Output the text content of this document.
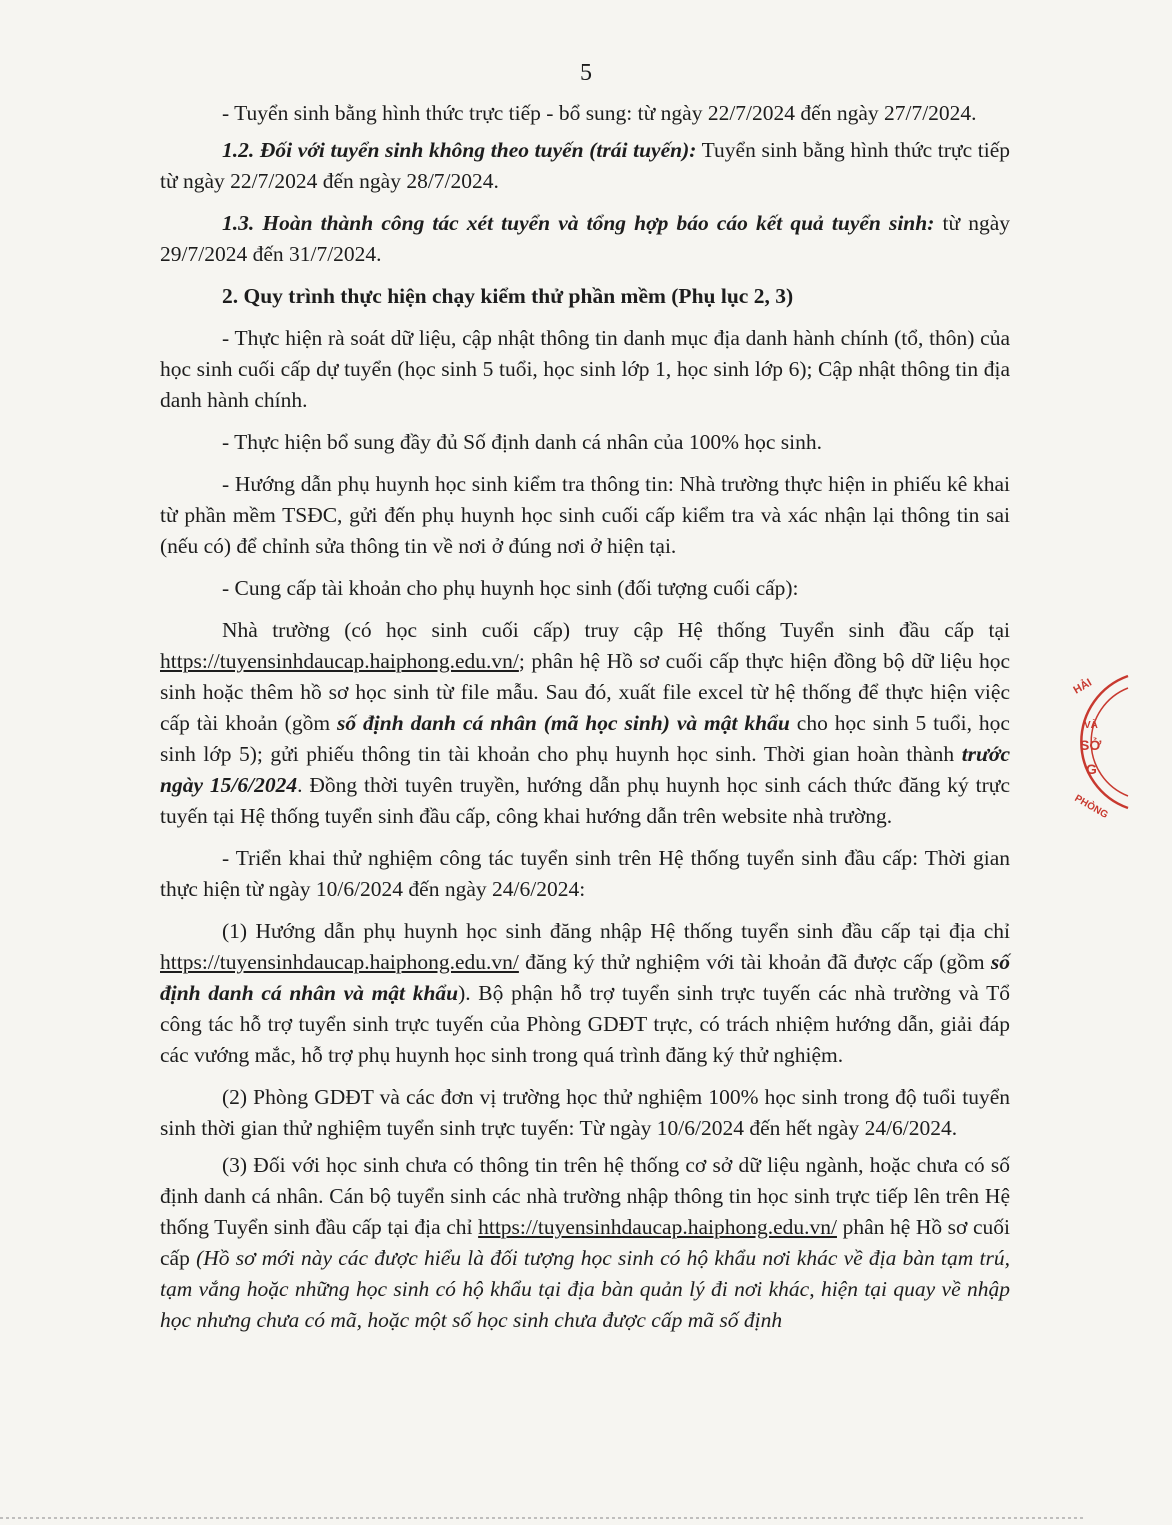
5

- Tuyển sinh bằng hình thức trực tiếp - bổ sung: từ ngày 22/7/2024 đến ngày 27/7/2024.

1.2. Đối với tuyển sinh không theo tuyến (trái tuyến): Tuyển sinh bằng hình thức trực tiếp từ ngày 22/7/2024 đến ngày 28/7/2024.

1.3. Hoàn thành công tác xét tuyển và tổng hợp báo cáo kết quả tuyển sinh: từ ngày 29/7/2024 đến 31/7/2024.

2. Quy trình thực hiện chạy kiểm thử phần mềm (Phụ lục 2, 3)

- Thực hiện rà soát dữ liệu, cập nhật thông tin danh mục địa danh hành chính (tổ, thôn) của học sinh cuối cấp dự tuyển (học sinh 5 tuổi, học sinh lớp 1, học sinh lớp 6); Cập nhật thông tin địa danh hành chính.

- Thực hiện bổ sung đầy đủ Số định danh cá nhân của 100% học sinh.

- Hướng dẫn phụ huynh học sinh kiểm tra thông tin: Nhà trường thực hiện in phiếu kê khai từ phần mềm TSĐC, gửi đến phụ huynh học sinh cuối cấp kiểm tra và xác nhận lại thông tin sai (nếu có) để chỉnh sửa thông tin về nơi ở đúng nơi ở hiện tại.

- Cung cấp tài khoản cho phụ huynh học sinh (đối tượng cuối cấp):

Nhà trường (có học sinh cuối cấp) truy cập Hệ thống Tuyển sinh đầu cấp tại https://tuyensinhdaucap.haiphong.edu.vn/; phân hệ Hồ sơ cuối cấp thực hiện đồng bộ dữ liệu học sinh hoặc thêm hồ sơ học sinh từ file mẫu. Sau đó, xuất file excel từ hệ thống để thực hiện việc cấp tài khoản (gồm số định danh cá nhân (mã học sinh) và mật khẩu cho học sinh 5 tuổi, học sinh lớp 5); gửi phiếu thông tin tài khoản cho phụ huynh học sinh. Thời gian hoàn thành trước ngày 15/6/2024. Đồng thời tuyên truyền, hướng dẫn phụ huynh học sinh cách thức đăng ký trực tuyến tại Hệ thống tuyển sinh đầu cấp, công khai hướng dẫn trên website nhà trường.

- Triển khai thử nghiệm công tác tuyển sinh trên Hệ thống tuyển sinh đầu cấp: Thời gian thực hiện từ ngày 10/6/2024 đến ngày 24/6/2024:

(1) Hướng dẫn phụ huynh học sinh đăng nhập Hệ thống tuyển sinh đầu cấp tại địa chỉ https://tuyensinhdaucap.haiphong.edu.vn/ đăng ký thử nghiệm với tài khoản đã được cấp (gồm số định danh cá nhân và mật khẩu). Bộ phận hỗ trợ tuyển sinh trực tuyến các nhà trường và Tổ công tác hỗ trợ tuyển sinh trực tuyến của Phòng GDĐT trực, có trách nhiệm hướng dẫn, giải đáp các vướng mắc, hỗ trợ phụ huynh học sinh trong quá trình đăng ký thử nghiệm.

(2) Phòng GDĐT và các đơn vị trường học thử nghiệm 100% học sinh trong độ tuổi tuyển sinh thời gian thử nghiệm tuyển sinh trực tuyến: Từ ngày 10/6/2024 đến hết ngày 24/6/2024.

(3) Đối với học sinh chưa có thông tin trên hệ thống cơ sở dữ liệu ngành, hoặc chưa có số định danh cá nhân. Cán bộ tuyển sinh các nhà trường nhập thông tin học sinh trực tiếp lên trên Hệ thống Tuyển sinh đầu cấp tại địa chỉ https://tuyensinhdaucap.haiphong.edu.vn/ phân hệ Hồ sơ cuối cấp (Hồ sơ mới này các được hiểu là đối tượng học sinh có hộ khẩu nơi khác về địa bàn tạm trú, tạm vắng hoặc những học sinh có hộ khẩu tại địa bàn quản lý đi nơi khác, hiện tại quay về nhập học nhưng chưa có mã, hoặc một số học sinh chưa được cấp mã số định

HẢI
VÀ
SỞ
G
PHÒNG
